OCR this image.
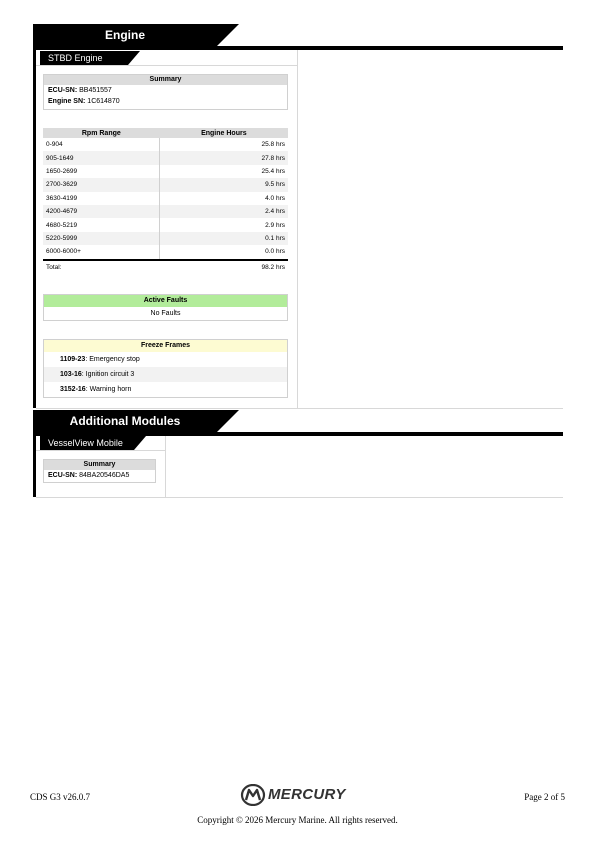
Engine
STBD Engine
Summary
ECU-SN: BB451557
Engine SN: 1C614870
Rpm Range	Engine Hours
0-904	25.8 hrs
905-1649	27.8 hrs
1650-2699	25.4 hrs
2700-3629	9.5 hrs
3630-4199	4.0 hrs
4200-4679	2.4 hrs
4680-5219	2.9 hrs
5220-5999	0.1 hrs
6000-6000+	0.0 hrs
Total:	98.2 hrs
Active Faults
No Faults
Freeze Frames
1109-23: Emergency stop
103-16: Ignition circuit 3
3152-16: Warning horn
Additional Modules
VesselView Mobile
Summary
ECU-SN: 84BA20546DA5
CDS G3 v26.0.7	MERCURY	Page 2 of 5
Copyright © 2026 Mercury Marine. All rights reserved.
